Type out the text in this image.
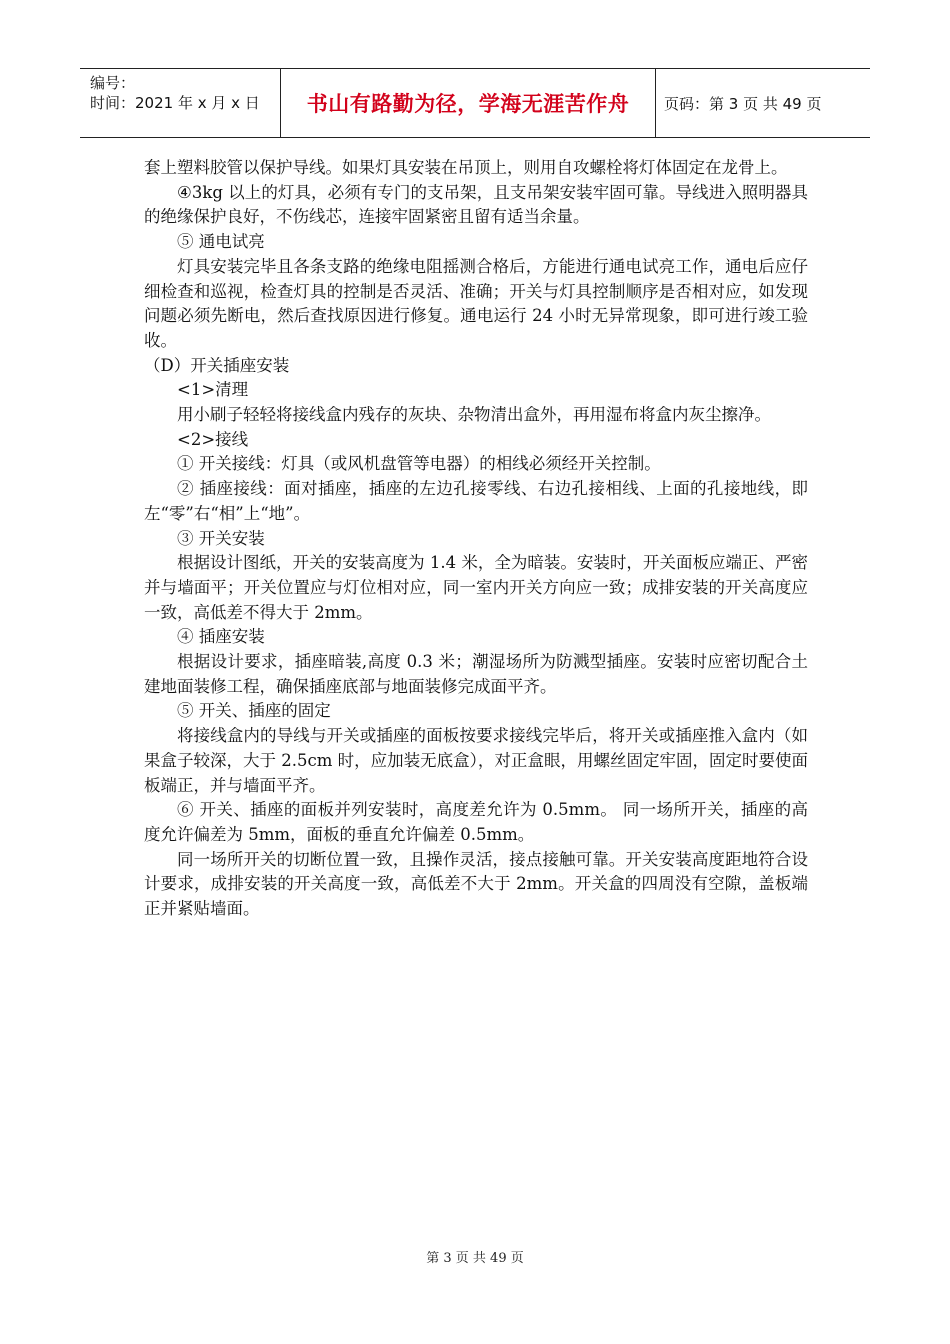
编号：
时间：2021 年 x 月 x 日	书山有路勤为径，学海无涯苦作舟	页码：第 3 页 共 49 页

套上塑料胶管以保护导线。如果灯具安装在吊顶上，则用自攻螺栓将灯体固定在龙骨上。

④3kg 以上的灯具，必须有专门的支吊架，且支吊架安装牢固可靠。导线进入照明器具的绝缘保护良好，不伤线芯，连接牢固紧密且留有适当余量。

⑤ 通电试亮

灯具安装完毕且各条支路的绝缘电阻摇测合格后，方能进行通电试亮工作，通电后应仔细检查和巡视，检查灯具的控制是否灵活、准确；开关与灯具控制顺序是否相对应，如发现问题必须先断电，然后查找原因进行修复。通电运行 24 小时无异常现象，即可进行竣工验收。

（D）开关插座安装

<1>清理

用小刷子轻轻将接线盒内残存的灰块、杂物清出盒外，再用湿布将盒内灰尘擦净。

<2>接线

① 开关接线：灯具（或风机盘管等电器）的相线必须经开关控制。

② 插座接线：面对插座，插座的左边孔接零线、右边孔接相线、上面的孔接地线，即左“零”右“相”上“地”。

③ 开关安装

根据设计图纸，开关的安装高度为 1.4 米，全为暗装。安装时，开关面板应端正、严密并与墙面平；开关位置应与灯位相对应，同一室内开关方向应一致；成排安装的开关高度应一致，高低差不得大于 2mm。

④ 插座安装

根据设计要求，插座暗装,高度 0.3 米；潮湿场所为防溅型插座。安装时应密切配合土建地面装修工程，确保插座底部与地面装修完成面平齐。

⑤ 开关、插座的固定

将接线盒内的导线与开关或插座的面板按要求接线完毕后，将开关或插座推入盒内（如果盒子较深，大于 2.5cm 时，应加装无底盒），对正盒眼，用螺丝固定牢固，固定时要使面板端正，并与墙面平齐。

⑥ 开关、插座的面板并列安装时，高度差允许为 0.5mm。 同一场所开关，插座的高度允许偏差为 5mm，面板的垂直允许偏差 0.5mm。

同一场所开关的切断位置一致，且操作灵活，接点接触可靠。开关安装高度距地符合设计要求，成排安装的开关高度一致，高低差不大于 2mm。开关盒的四周没有空隙，盖板端正并紧贴墙面。

第 3 页 共 49 页
